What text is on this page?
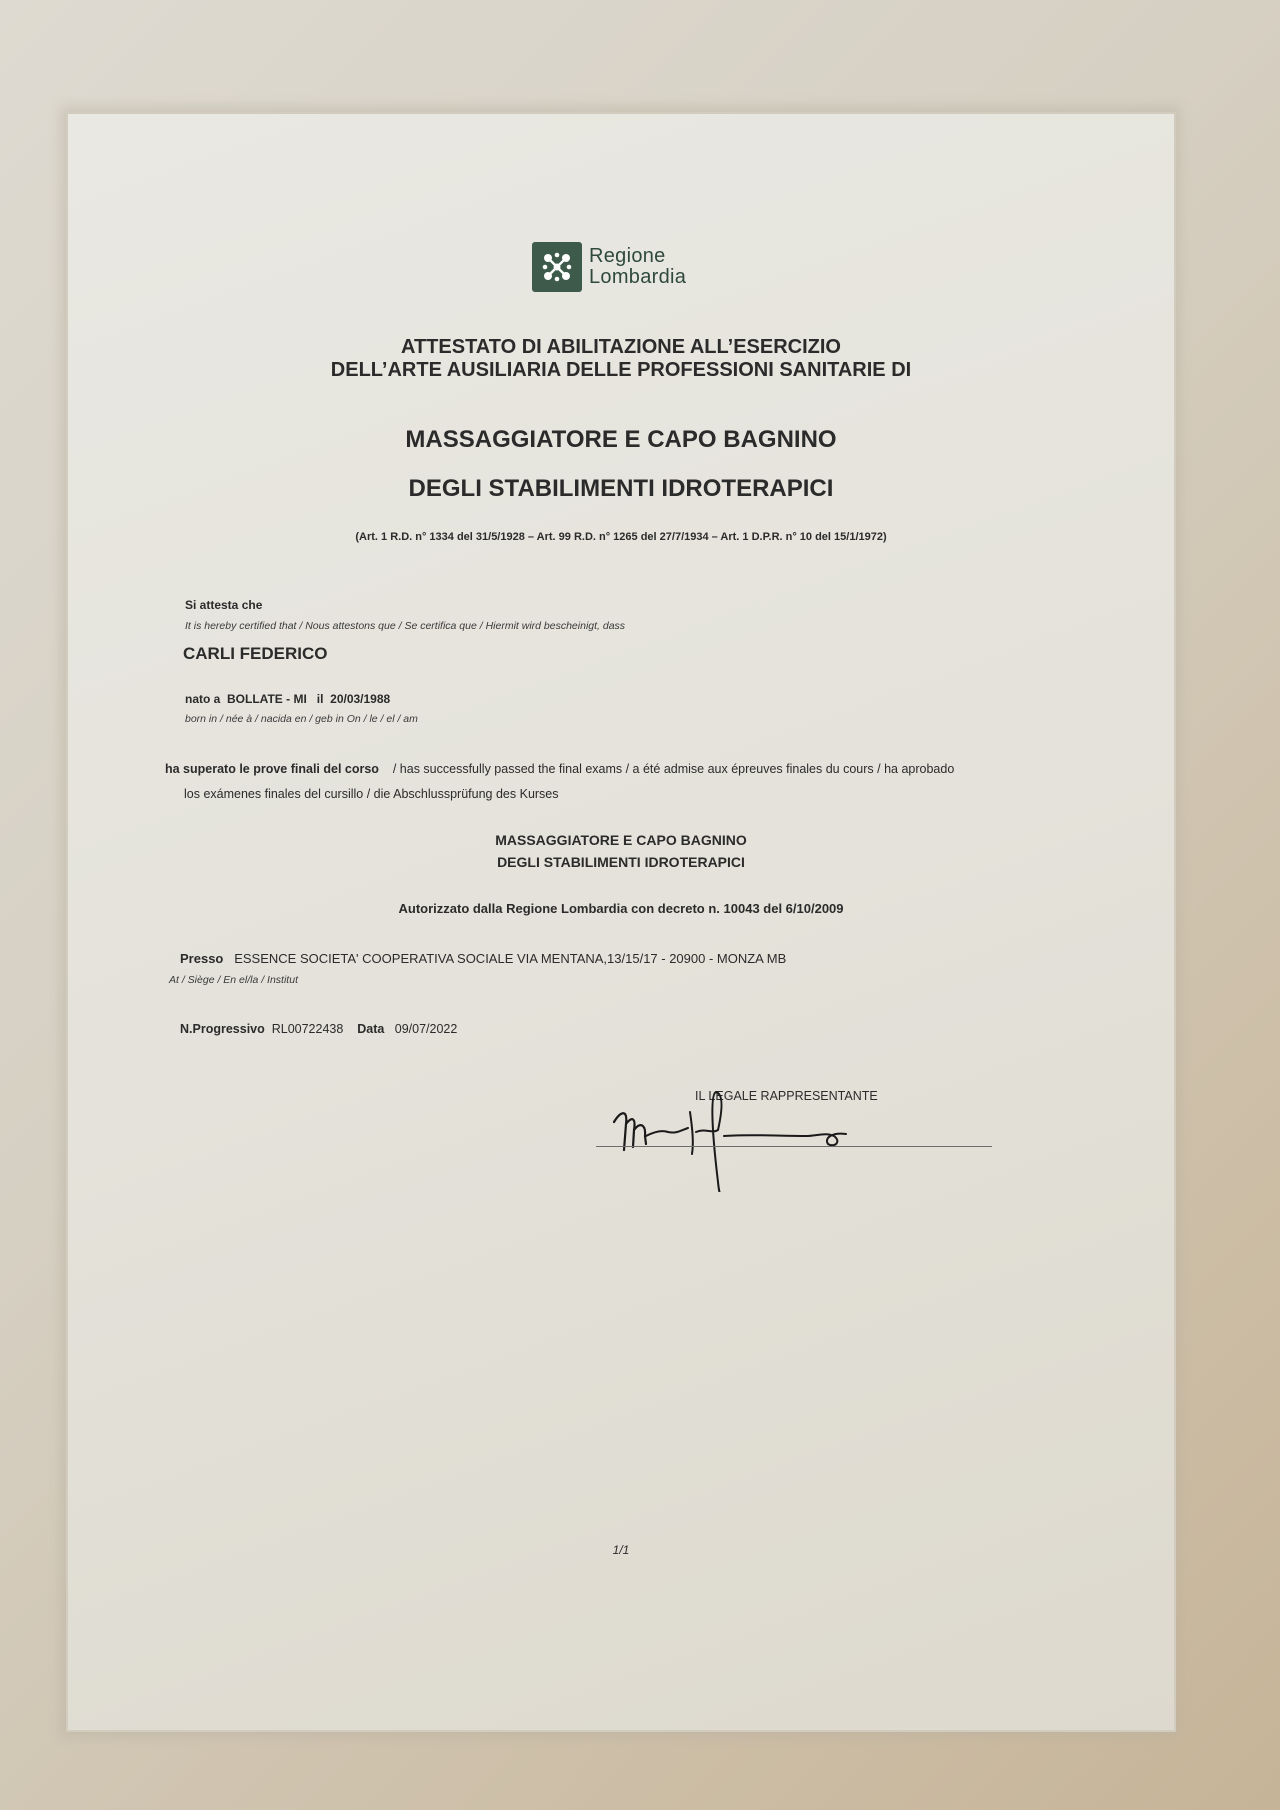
Regione
Lombardia
ATTESTATO DI ABILITAZIONE ALL’ESERCIZIO
DELL’ARTE AUSILIARIA DELLE PROFESSIONI SANITARIE DI
MASSAGGIATORE E CAPO BAGNINO
DEGLI STABILIMENTI IDROTERAPICI
(Art. 1 R.D. n° 1334 del 31/5/1928 – Art. 99 R.D. n° 1265 del 27/7/1934 – Art. 1 D.P.R. n° 10 del 15/1/1972)
Si attesta che
It is hereby certified that / Nous attestons que / Se certifica que / Hiermit wird bescheinigt, dass
CARLI FEDERICO
nato a BOLLATE - MI il 20/03/1988
born in / née à / nacida en / geb in On / le / el / am
ha superato le prove finali del corso / has successfully passed the final exams / a été admise aux épreuves finales du cours / ha aprobado
los exámenes finales del cursillo / die Abschlussprüfung des Kurses
MASSAGGIATORE E CAPO BAGNINO
DEGLI STABILIMENTI IDROTERAPICI
Autorizzato dalla Regione Lombardia con decreto n. 10043 del 6/10/2009
Presso ESSENCE SOCIETA' COOPERATIVA SOCIALE VIA MENTANA,13/15/17 - 20900 - MONZA MB
At / Siège / En el/la / Institut
N.Progressivo RL00722438 Data 09/07/2022
IL LEGALE RAPPRESENTANTE
1/1
